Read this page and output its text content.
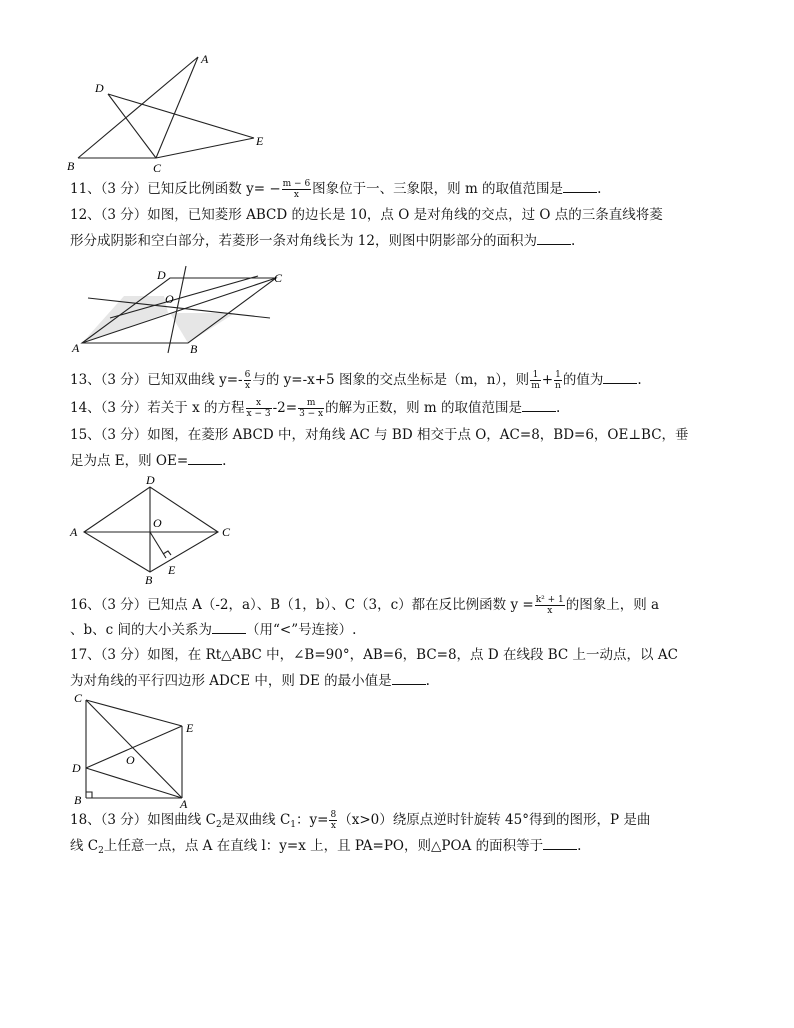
A
B	C
D
E
11、（3 分）已知反比例函数 $y= - \frac{m - 6}{x}$ 图象位于一、三象限，则 m 的取值范围是	.
12、（3 分）如图，已知菱形 ABCD 的边长是 10，点 O 是对角线的交点，过 O 点的三条直线将菱
形分成阴影和空白部分，若菱形一条对角线长为 12，则图中阴影部分的面积为	.
A	B
C
D
O
13、（3 分）已知双曲线 $y=- \frac{6}{x}$ 与的 y=-x+5 图象的交点坐标是（m，n），则 $\frac{1}{m} + \frac{1}{n}$ 的值为	.
14、（3 分）若关于 x 的方程 $\frac{x}{x - 3} -2= \frac{m}{3 - x}$ 的解为正数，则 m 的取值范围是	.
15、（3 分）如图，在菱形 ABCD 中，对角线 AC 与 BD 相交于点 O，AC=8，BD=6，OE⊥BC，垂
足为点 E，则 OE=	.
A
B
C
D
O
E
16、（3 分）已知点 A（-2，a）、B（1，b）、C（3，c）都在反比例函数 $y = \frac{\text{k² + 1}}{x}$ 的图象上，则 a
、b、c 间的大小关系为	（用“<”号连接）.
17、（3 分）如图，在 Rt△ABC 中，∠B=90°，AB=6，BC=8，点 D 在线段 BC 上一动点，以 AC
为对角线的平行四边形 ADCE 中，则 DE 的最小值是	.
C
E
D
O
B	A
18、（3 分）如图曲线 $C_2$是双曲线 $C_1$：$y= \frac{8}{x} (x>0)$绕原点逆时针旋转 45°得到的图形，P 是曲
线 $C_2$上任意一点，点 A 在直线 l：y=x 上，且 PA=PO，则△POA 的面积等于	.
